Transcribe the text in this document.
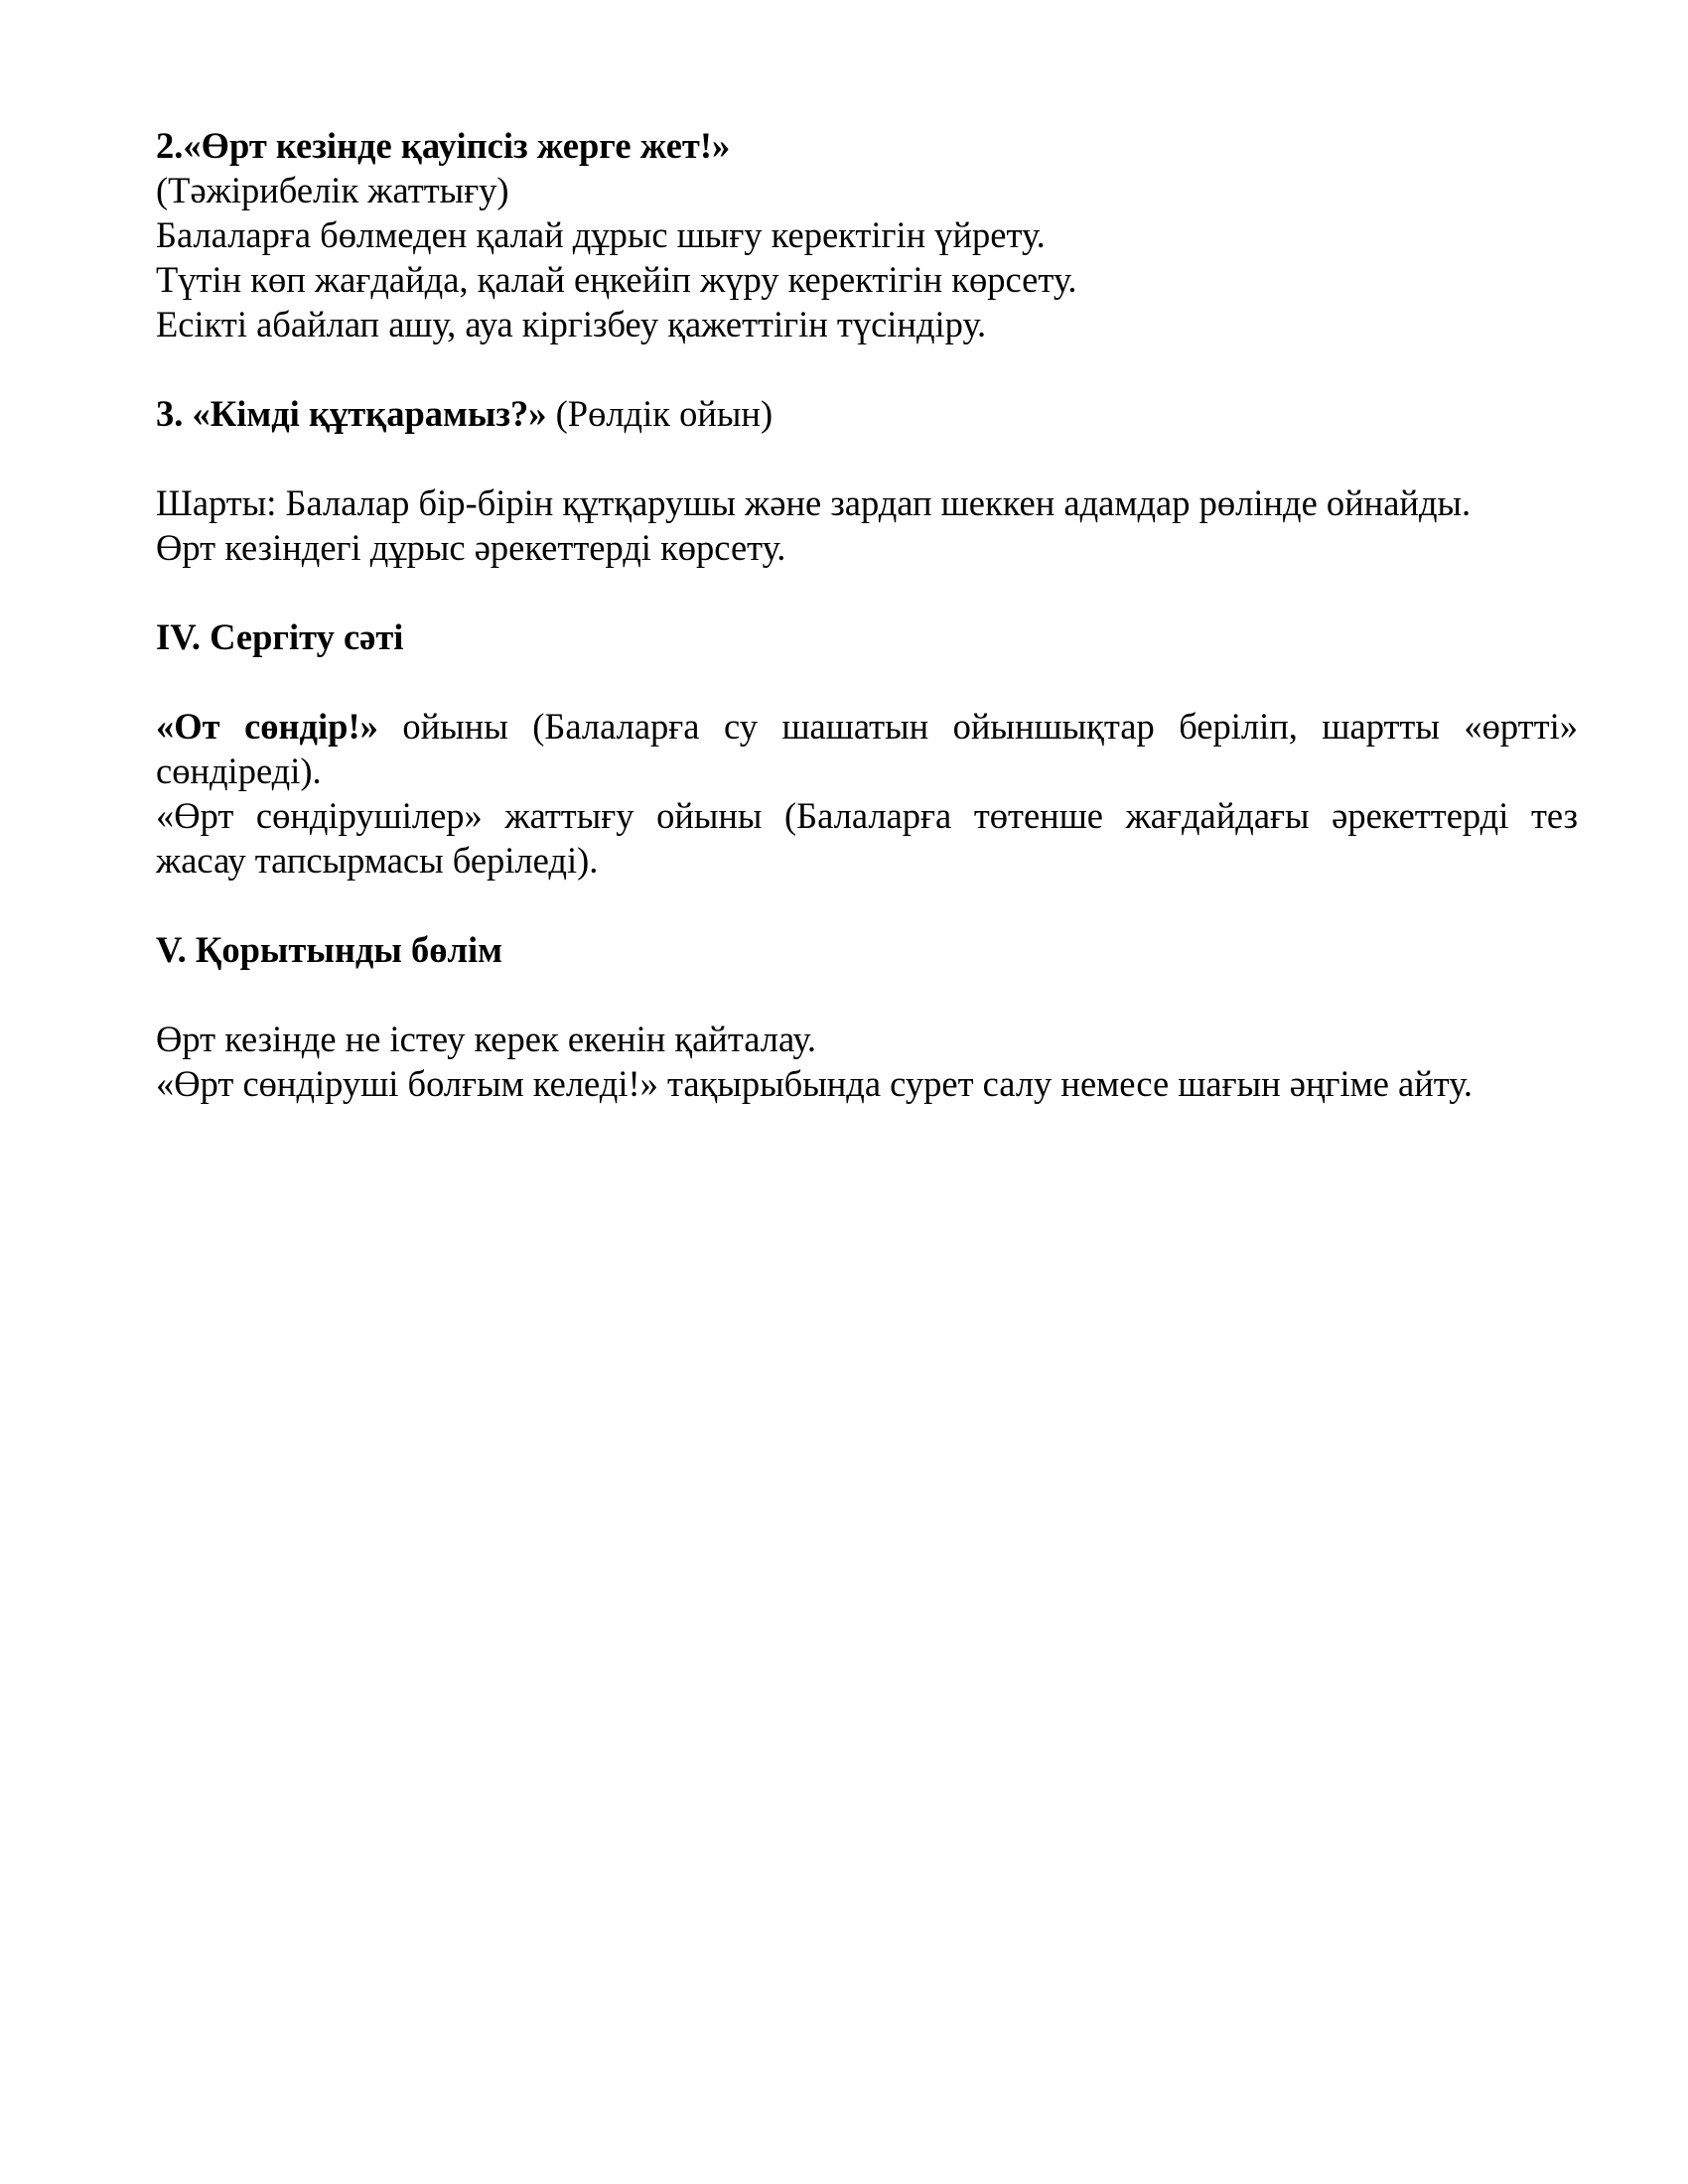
2.«Өрт кезінде қауіпсіз жерге жет!»
(Тәжірибелік жаттығу)
Балаларға бөлмеден қалай дұрыс шығу керектігін үйрету.
Түтін көп жағдайда, қалай еңкейіп жүру керектігін көрсету.
Есікті абайлап ашу, ауа кіргізбеу қажеттігін түсіндіру.
3. «Кімді құтқарамыз?» (Рөлдік ойын)
Шарты: Балалар бір-бірін құтқарушы және зардап шеккен адамдар рөлінде ойнайды.
Өрт кезіндегі дұрыс әрекеттерді көрсету.
IV. Сергіту сәті
«От сөндір!» ойыны (Балаларға су шашатын ойыншықтар беріліп, шартты «өртті»
сөндіреді).
«Өрт сөндірушілер» жаттығу ойыны (Балаларға төтенше жағдайдағы әрекеттерді тез
жасау тапсырмасы беріледі).
V. Қорытынды бөлім
Өрт кезінде не істеу керек екенін қайталау.
«Өрт сөндіруші болғым келеді!» тақырыбында сурет салу немесе шағын әңгіме айту.
